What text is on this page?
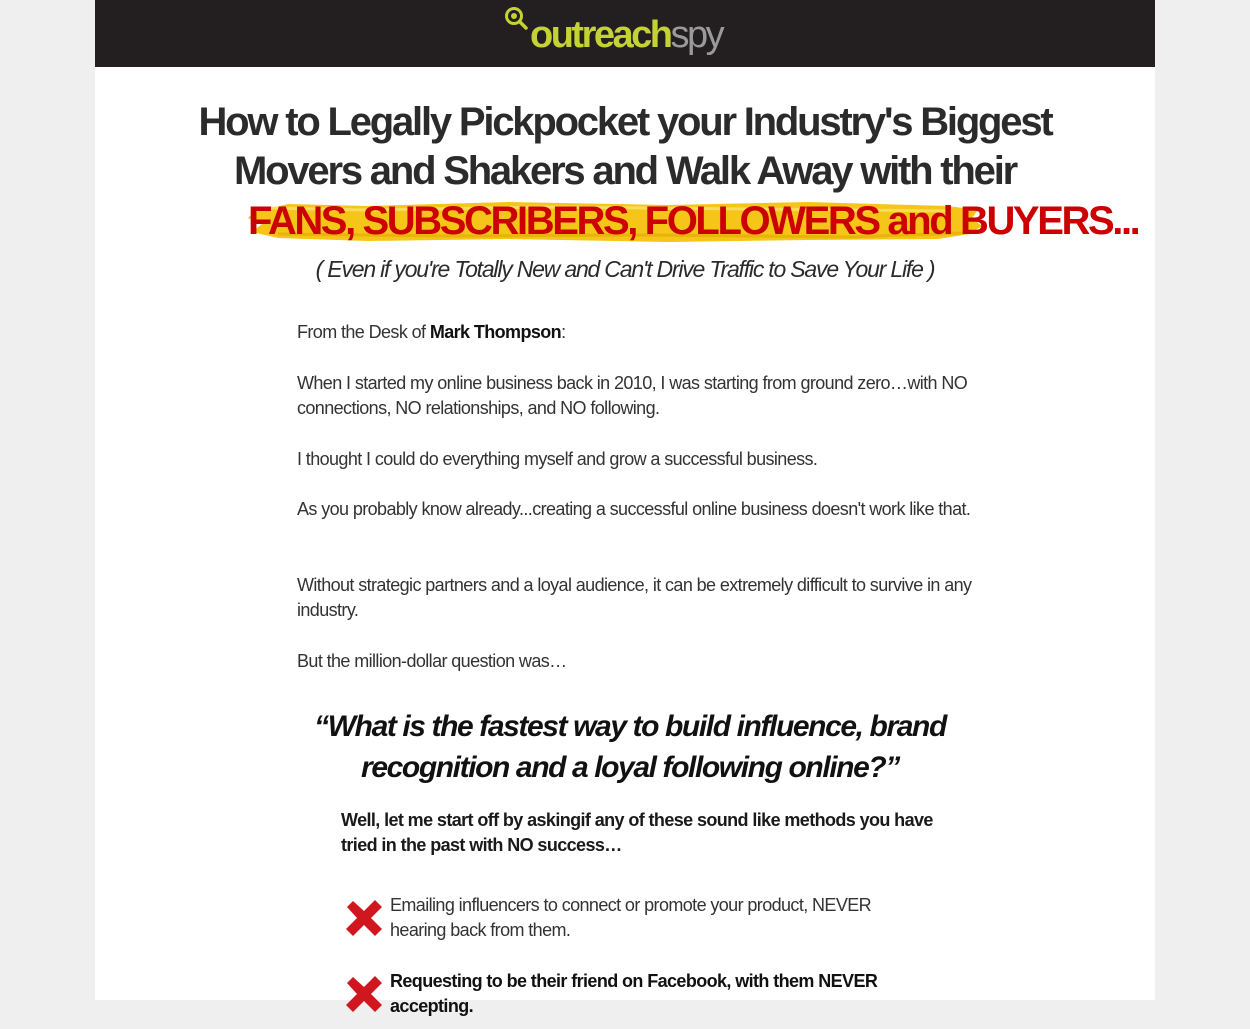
outreachspy
How to Legally Pickpocket your Industry's Biggest
Movers and Shakers and Walk Away with their
FANS, SUBSCRIBERS, FOLLOWERS and BUYERS...
( Even if you're Totally New and Can't Drive Traffic to Save Your Life )

From the Desk of Mark Thompson:

When I started my online business back in 2010, I was starting from ground zero…with NO connections, NO relationships, and NO following.

I thought I could do everything myself and grow a successful business.

As you probably know already...creating a successful online business doesn't work like that.

Without strategic partners and a loyal audience, it can be extremely difficult to survive in any industry.

But the million-dollar question was…

“What is the fastest way to build influence, brand recognition and a loyal following online?”

Well, let me start off by askingif any of these sound like methods you have tried in the past with NO success…

Emailing influencers to connect or promote your product, NEVER hearing back from them.
Requesting to be their friend on Facebook, with them NEVER accepting.
